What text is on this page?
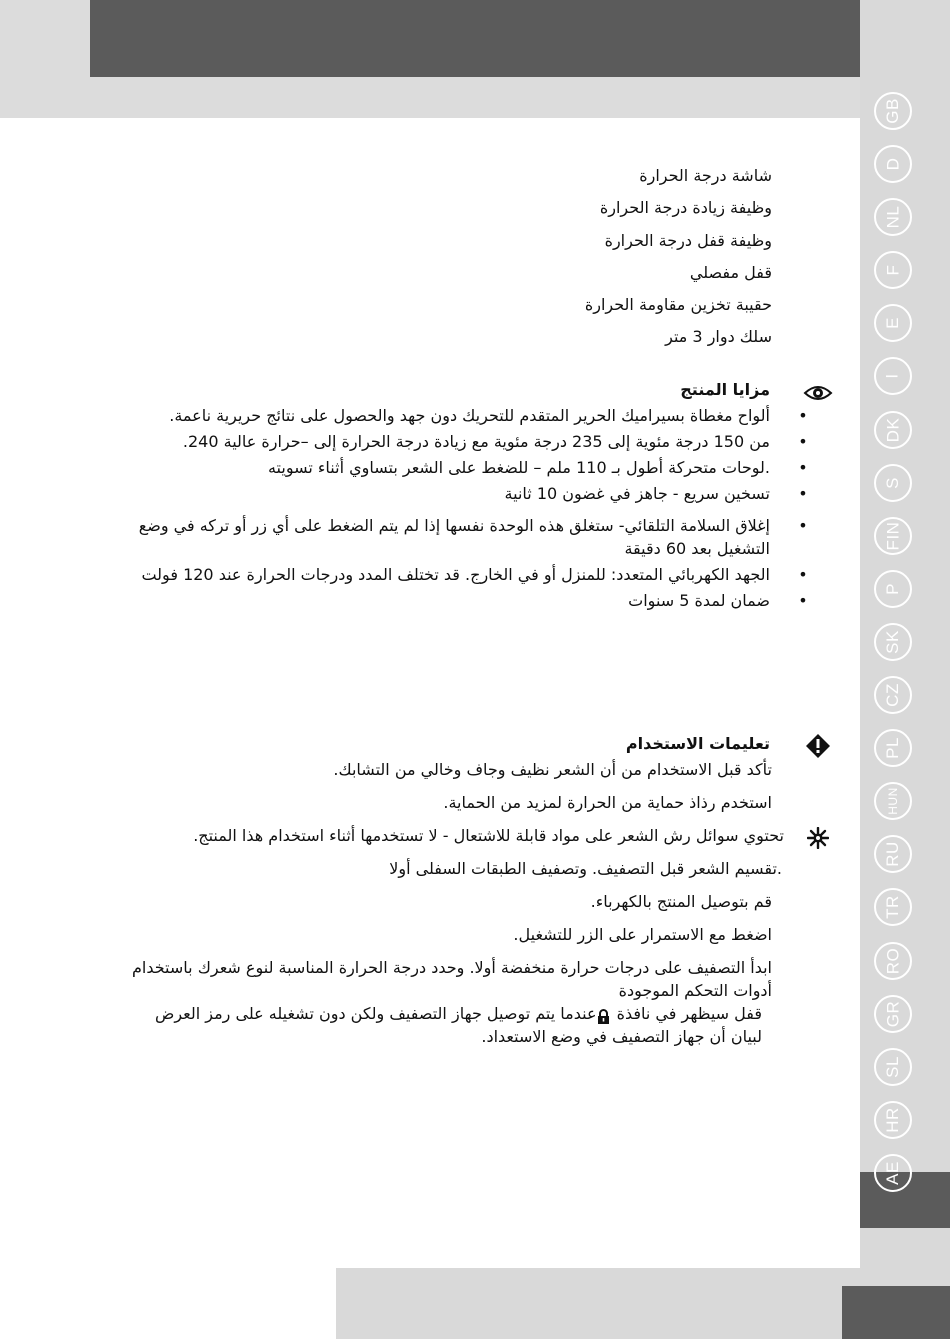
GB
D
NL
F
E
I
DK
S
FIN
P
SK
CZ
PL
HUN
RU
TR
RO
GR
SL
HR
AE

شاشة درجة الحرارة

وظيفة زيادة درجة الحرارة

وظيفة قفل درجة الحرارة

قفل مفصلي

حقيبة تخزين مقاومة الحرارة

سلك دوار 3 متر

مزايا المنتج
•
ألواح مغطاة بسيراميك الحرير المتقدم للتحريك دون جهد والحصول على نتائج حريرية ناعمة.
•
من 150 درجة مئوية إلى 235 درجة مئوية مع زيادة درجة الحرارة إلى –حرارة عالية 240.
•
.لوحات متحركة أطول بـ 110 ملم – للضغط على الشعر بتساوي أثناء تسويته
•
تسخين سريع - جاهز في غضون 10 ثانية
•
إغلاق السلامة التلقائي- ستغلق هذه الوحدة نفسها إذا لم يتم الضغط على أي زر أو تركه في وضع التشغيل بعد 60 دقيقة
•
الجهد الكهربائي المتعدد: للمنزل أو في الخارج. قد تختلف المدد ودرجات الحرارة عند 120 فولت
•
ضمان لمدة 5 سنوات
تعليمات الاستخدام

تأكد قبل الاستخدام من أن الشعر نظيف وجاف وخالي من التشابك.

استخدم رذاذ حماية من الحرارة لمزيد من الحماية.

تحتوي سوائل رش الشعر على مواد قابلة للاشتعال - لا تستخدمها أثناء استخدام هذا المنتج.

.تقسيم الشعر قبل التصفيف. وتصفيف الطبقات السفلى أولا

قم بتوصيل المنتج بالكهرباء.

اضغط مع الاستمرار على الزر للتشغيل.

ابدأ التصفيف على درجات حرارة منخفضة أولا. وحدد درجة الحرارة المناسبة لنوع شعرك باستخدام أدوات التحكم الموجودة

قفل سيظهر في نافذة عندما يتم توصيل جهاز التصفيف ولكن دون تشغيله على رمز العرض لبيان أن جهاز التصفيف في وضع الاستعداد.
